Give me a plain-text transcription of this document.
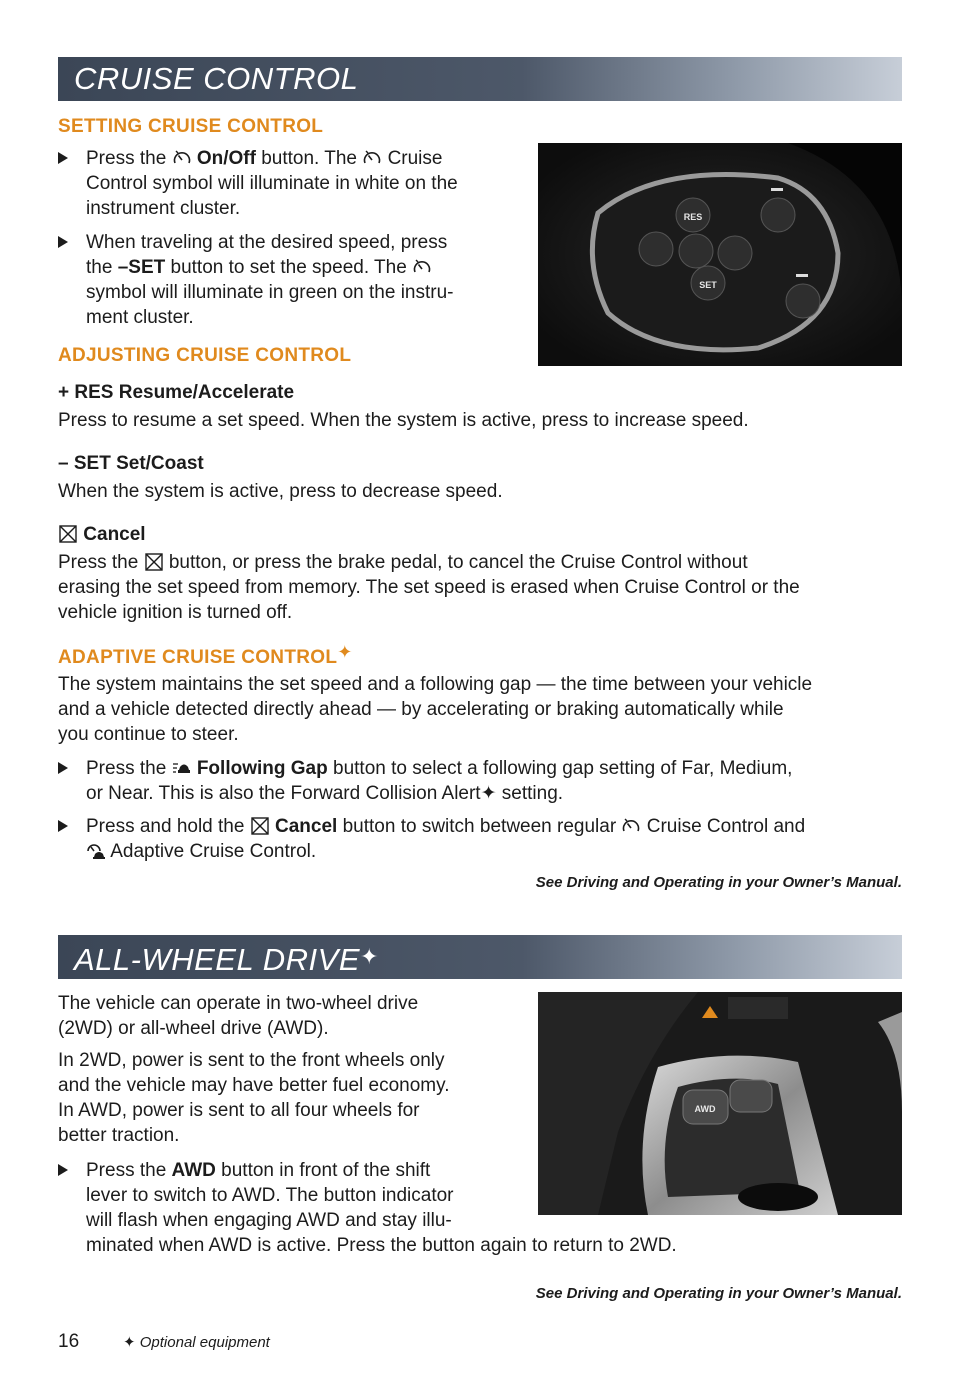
CRUISE CONTROL

SETTING CRUISE CONTROL

Press the On/Off button. The Cruise
Control symbol will illuminate in white on the
instrument cluster.

When traveling at the desired speed, press
the –SET button to set the speed. The

symbol will illuminate in green on the instru-
ment cluster.

RES
SET

ADJUSTING CRUISE CONTROL

+ RES Resume/Accelerate

Press to resume a set speed. When the system is active, press to increase speed.

– SET Set/Coast

When the system is active, press to decrease speed.

Cancel

Press the button, or press the brake pedal, to cancel the Cruise Control without
erasing the set speed from memory. The set speed is erased when Cruise Control or the
vehicle ignition is turned off.

ADAPTIVE CRUISE CONTROL✦

The system maintains the set speed and a following gap — the time between your vehicle
and a vehicle detected directly ahead — by accelerating or braking automatically while
you continue to steer.

Press the Following Gap button to select a following gap setting of Far, Medium,
or Near. This is also the Forward Collision Alert✦ setting.

Press and hold the Cancel button to switch between regular Cruise Control and

Adaptive Cruise Control.

See Driving and Operating in your Owner’s Manual.
ALL-WHEEL DRIVE✦

The vehicle can operate in two-wheel drive
(2WD) or all-wheel drive (AWD).

In 2WD, power is sent to the front wheels only
and the vehicle may have better fuel economy.
In AWD, power is sent to all four wheels for
better traction.

Press the AWD button in front of the shift
lever to switch to AWD. The button indicator
will flash when engaging AWD and stay illu-
minated when AWD is active. Press the button again to return to 2WD.

AWD
See Driving and Operating in your Owner’s Manual.
16	✦ Optional equipment
